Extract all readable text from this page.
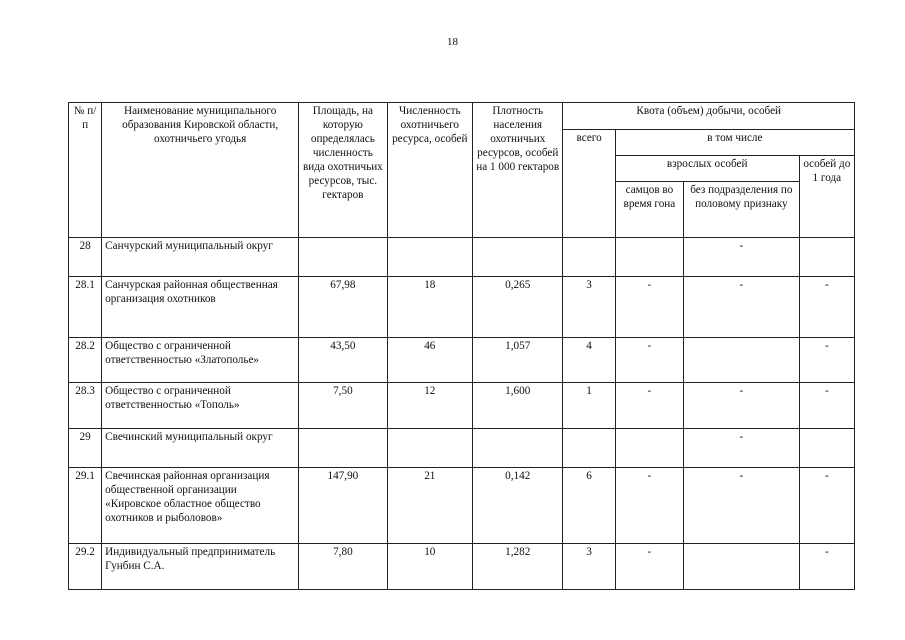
18
№ п/п	Наименование муниципального образования Кировской области, охотничьего угодья	Площадь, на которую определялась численность вида охотничьих ресурсов, тыс. гектаров	Численность охотничьего ресурса, особей	Плотность населения охотничьих ресурсов, особей на 1 000 гектаров	Квота (объем) добычи, особей			
					всего	в том числе		
						взрослых особей		особей до 1 года
						самцов во время гона	без подразделения по половому признаку	
28	Санчурский муниципальный округ						-	
28.1	Санчурская районная общественная организация охотников	67,98	18	0,265	3	-	-	-
28.2	Общество с ограниченной ответственностью «Златополье»	43,50	46	1,057	4	-		-
28.3	Общество с ограниченной ответственностью «Тополь»	7,50	12	1,600	1	-	-	-
29	Свечинский муниципальный округ						-	
29.1	Свечинская районная организация общественной организации «Кировское областное общество охотников и рыболовов»	147,90	21	0,142	6	-	-	-
29.2	Индивидуальный предприниматель Гунбин С.А.	7,80	10	1,282	3	-		-
